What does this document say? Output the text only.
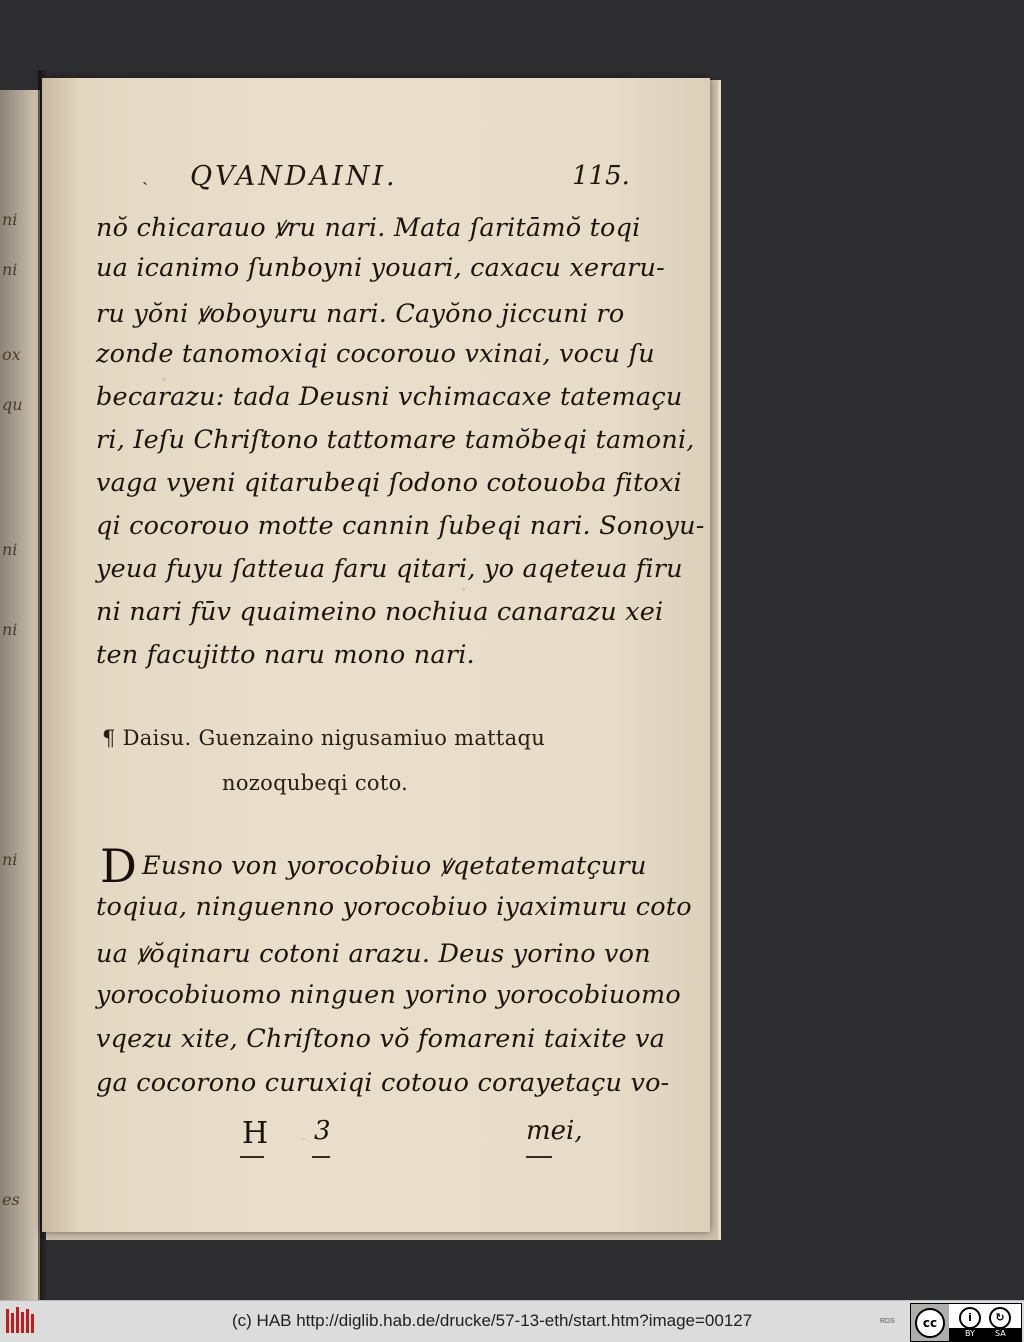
ni
ni
ox
qu
ni
ni
ni
es
ˎ QVANDAINI.	115.
nŏ chicarauo ꝟru nari. Mata ſaritāmŏ toqi
ua icanimo ſunboyni youari, caxacu xeraru-
ru yŏni ꝟoboyuru nari. Cayŏno jiccuni ro
zonde tanomoxiqi cocorouo vxinai, vocu ſu
becarazu: tada Deusni vchimacaxe tatemaçu
ri, Ieſu Chriſtono tattomare tamŏbeqi tamoni,
vaga vyeni qitarubeqi ſodono cotouoba fitoxi
qi cocorouo motte cannin ſubeqi nari. Sonoyu-
yeua fuyu ſatteua faru qitari, yo aqeteua firu
ni nari fūv quaimeino nochiua canarazu xei
ten facujitto naru mono nari.
¶ Daisu. Guenzaino nigusamiuo mattaqu
nozoqubeqi coto.
D Eusno von yorocobiuo ꝟqetatematçuru
toqiua, ninguenno yorocobiuo iyaximuru coto
ua ꝟŏqinaru cotoni arazu. Deus yorino von
yorocobiuomo ninguen yorino yorocobiuomo
vqezu xite, Chriſtono vŏ fomareni taixite va
ga cocorono curuxiqi cotouo corayetaçu vo-
H 3	mei,
(c) HAB http://diglib.hab.de/drucke/57-13-eth/start.htm?image=00127	RDS	cc	i	↻
BY	SA
